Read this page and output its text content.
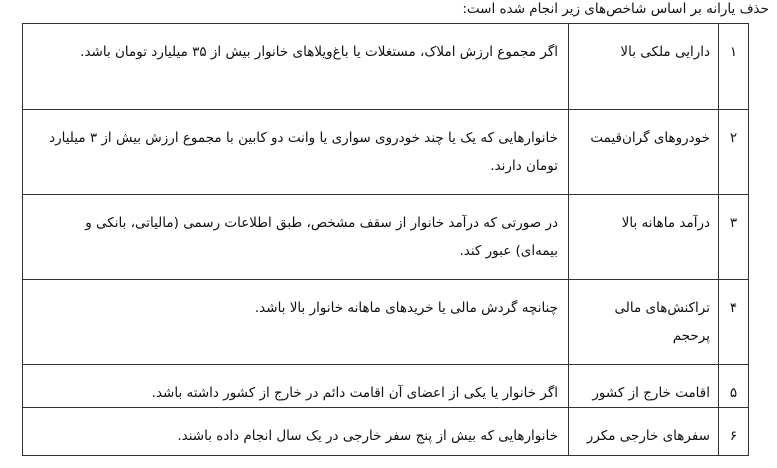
حذف یارانه بر اساس شاخص‌های زیر انجام شده است:
۱	دارایی ملکی بالا	اگر مجموع ارزش املاک، مستغلات یا باغ‌ویلاهای خانوار بیش از ۳۵ میلیارد تومان باشد.
۲	خودروهای گران‌قیمت	خانوارهایی که یک یا چند خودروی سواری یا وانت دو کابین با مجموع ارزش بیش از ۳ میلیارد تومان دارند.
۳	درآمد ماهانه بالا	در صورتی که درآمد خانوار از سقف مشخص، طبق اطلاعات رسمی (مالیاتی، بانکی و بیمه‌ای) عبور کند.
۴	تراکنش‌های مالی پرحجم	چنانچه گردش مالی یا خریدهای ماهانه خانوار بالا باشد.
۵	اقامت خارج از کشور	اگر خانوار یا یکی از اعضای آن اقامت دائم در خارج از کشور داشته باشد.
۶	سفرهای خارجی مکرر	خانوارهایی که بیش از پنج سفر خارجی در یک سال انجام داده باشند.
